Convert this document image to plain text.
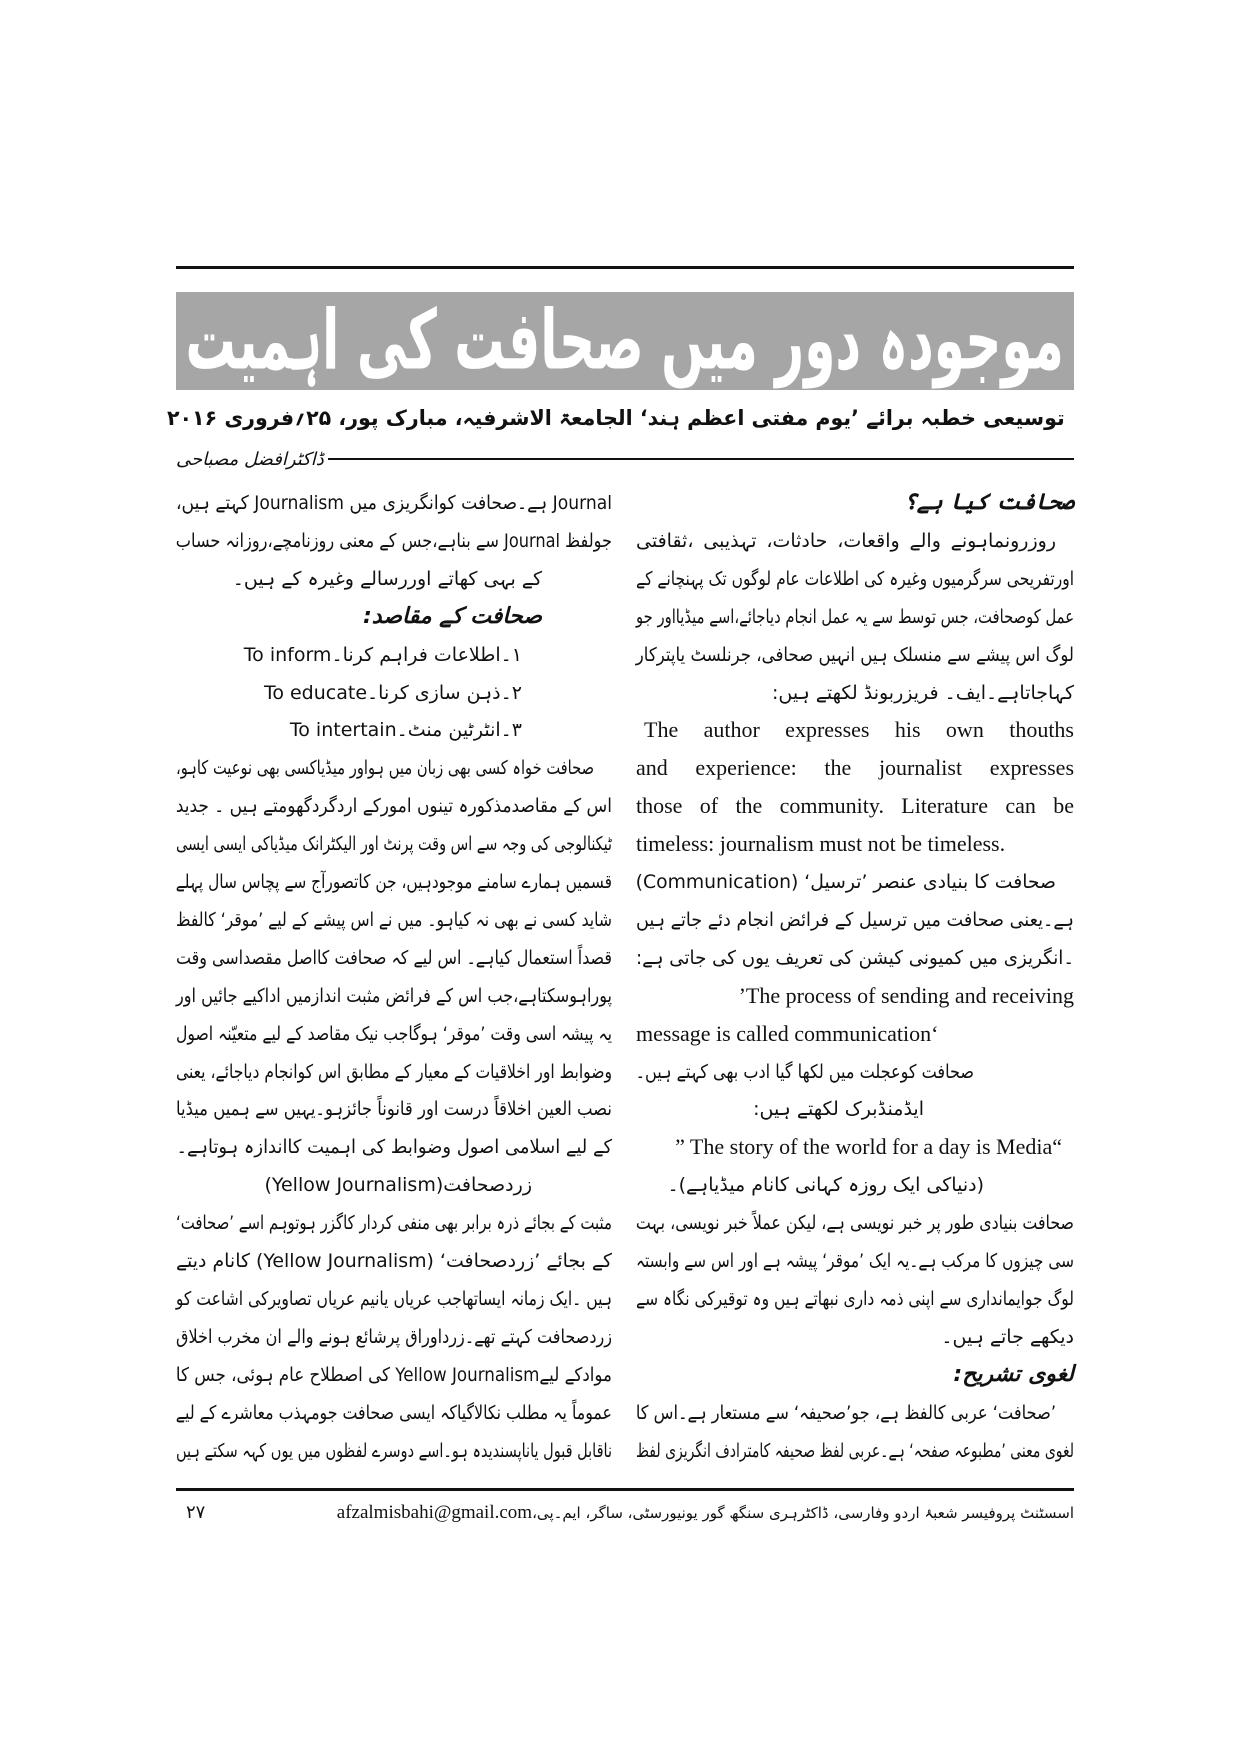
موجودہ دور میں صحافت کی اہمیت
توسیعی خطبہ برائے ’یوم مفتی اعظم ہند‘ الجامعۃ الاشرفیہ، مبارک پور، ۲۵؍فروری ۲۰۱۶
ڈاکٹرافضل مصباحی
صحافت کیا ہے؟
روزرونماہونے والے واقعات، حادثات، تہذیبی ،ثقافتی
اورتفریحی سرگرمیوں وغیرہ کی اطلاعات عام لوگوں تک پہنچانے کے
عمل کوصحافت، جس توسط سے یہ عمل انجام دیاجائے،اسے میڈیااور جو
لوگ اس پیشے سے منسلک ہیں انہیں صحافی، جرنلسٹ یاپترکار
کہاجاتاہے۔ایف۔ فریزربونڈ لکھتے ہیں:
The author expresses his own thouths
and experience: the journalist expresses
those of the community. Literature can be
timeless: journalism must not be timeless.
صحافت کا بنیادی عنصر ’ترسیل‘ (Communication)
ہے۔یعنی صحافت میں ترسیل کے فرائض انجام دئے جاتے ہیں
۔انگریزی میں کمیونی کیشن کی تعریف یوں کی جاتی ہے:
’The process of sending and receiving
message is called communication‘
صحافت کوعجلت میں لکھا گیا ادب بھی کہتے ہیں۔
ایڈمنڈبرک لکھتے ہیں:
” The story of the world for a day is Media“
(دنیاکی ایک روزہ کہانی کانام میڈیاہے)۔
صحافت بنیادی طور پر خبر نویسی ہے، لیکن عملاً خبر نویسی، بہت
سی چیزوں کا مرکب ہے۔یہ ایک ’موقر‘ پیشہ ہے اور اس سے وابستہ
لوگ جوایمانداری سے اپنی ذمہ داری نبھاتے ہیں وہ توقیرکی نگاہ سے
دیکھے جاتے ہیں۔
لغوی تشریح:
’صحافت‘ عربی کالفظ ہے، جو’صحیفہ‘ سے مستعار ہے۔اس کا
لغوی معنی ’مطبوعہ صفحہ‘ ہے۔عربی لفظ صحیفہ کامترادف انگریزی لفظ
Journal ہے۔صحافت کوانگریزی میں Journalism کہتے ہیں،
جولفظ Journal سے بناہے،جس کے معنی روزنامچے،روزانہ حساب
کے بہی کھاتے اوررسالے وغیرہ کے ہیں۔
صحافت کے مقاصد:
۱۔اطلاعات فراہم کرنا۔To inform
۲۔ذہن سازی کرنا۔To educate
۳۔انٹرٹین منٹ۔To intertain
صحافت خواہ کسی بھی زبان میں ہواور میڈیاکسی بھی نوعیت کاہو،
اس کے مقاصدمذکورہ تینوں امورکے اردگردگھومتے ہیں ۔ جدید
ٹیکنالوجی کی وجہ سے اس وقت پرنٹ اور الیکٹرانک میڈیاکی ایسی ایسی
قسمیں ہمارے سامنے موجودہیں، جن کاتصورآج سے پچاس سال پہلے
شاید کسی نے بھی نہ کیاہو۔ میں نے اس پیشے کے لیے ’موقر‘ کالفظ
قصداً استعمال کیاہے۔ اس لیے کہ صحافت کااصل مقصداسی وقت
پوراہوسکتاہے،جب اس کے فرائض مثبت اندازمیں اداکیے جائیں اور
یہ پیشہ اسی وقت ’موقر‘ ہوگاجب نیک مقاصد کے لیے متعیّنہ اصول
وضوابط اور اخلاقیات کے معیار کے مطابق اس کوانجام دیاجائے، یعنی
نصب العین اخلاقاً درست اور قانوناً جائزہو۔یہیں سے ہمیں میڈیا
کے لیے اسلامی اصول وضوابط کی اہمیت کااندازہ ہوتاہے۔
زردصحافت(Yellow Journalism)
مثبت کے بجائے ذرہ برابر بھی منفی کردار کاگزر ہوتوہم اسے ’صحافت‘
کے بجائے ’زردصحافت‘ (Yellow Journalism) کانام دیتے
ہیں ۔ایک زمانہ ایساتھاجب عریاں یانیم عریاں تصاویرکی اشاعت کو
زردصحافت کہتے تھے۔زرداوراق پرشائع ہونے والے ان مخرب اخلاق
موادکے لیےYellow Journalism کی اصطلاح عام ہوئی، جس کا
عموماً یہ مطلب نکالاگیاکہ ایسی صحافت جومہذب معاشرے کے لیے
ناقابل قبول یاناپسندیدہ ہو۔اسے دوسرے لفظوں میں یوں کہہ سکتے ہیں
۲۷	اسسٹنٹ پروفیسر شعبۂ اردو وفارسی، ڈاکٹرہری سنگھ گور یونیورسٹی، ساگر، ایم۔پی،afzalmisbahi@gmail.com
